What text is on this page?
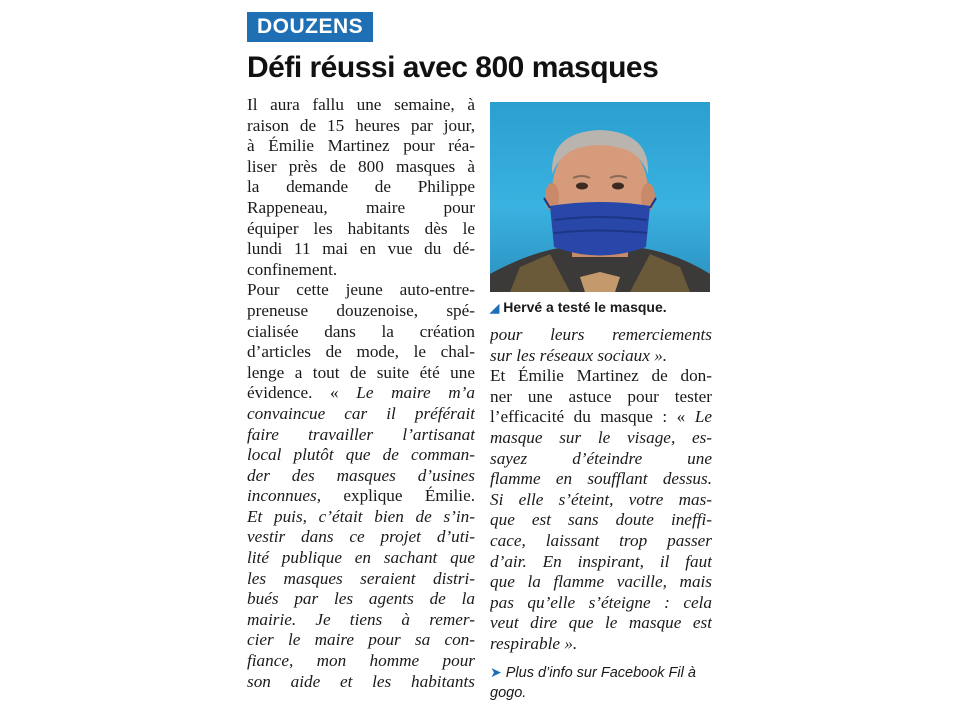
DOUZENS
Défi réussi avec 800 masques
Il aura fallu une semaine, à
raison de 15 heures par jour,
à Émilie Martinez pour réa-
liser près de 800 masques à
la demande de Philippe
Rappeneau, maire pour
équiper les habitants dès le
lundi 11 mai en vue du dé-
confinement.
Pour cette jeune auto-entre-
preneuse douzenoise, spé-
cialisée dans la création
d’articles de mode, le chal-
lenge a tout de suite été une
évidence. « Le maire m’a
convaincue car il préférait
faire travailler l’artisanat
local plutôt que de comman-
der des masques d’usines
inconnues, explique Émilie.
Et puis, c’était bien de s’in-
vestir dans ce projet d’uti-
lité publique en sachant que
les masques seraient distri-
bués par les agents de la
mairie. Je tiens à remer-
cier le maire pour sa con-
fiance, mon homme pour
son aide et les habitants
◢ Hervé a testé le masque.
pour leurs remerciements
sur les réseaux sociaux ».
Et Émilie Martinez de don-
ner une astuce pour tester
l’efficacité du masque : « Le
masque sur le visage, es-
sayez d’éteindre une
flamme en soufflant dessus.
Si elle s’éteint, votre mas-
que est sans doute ineffi-
cace, laissant trop passer
d’air. En inspirant, il faut
que la flamme vacille, mais
pas qu’elle s’éteigne : cela
veut dire que le masque est
respirable ».
➤ Plus d’info sur Facebook Fil à gogo.
